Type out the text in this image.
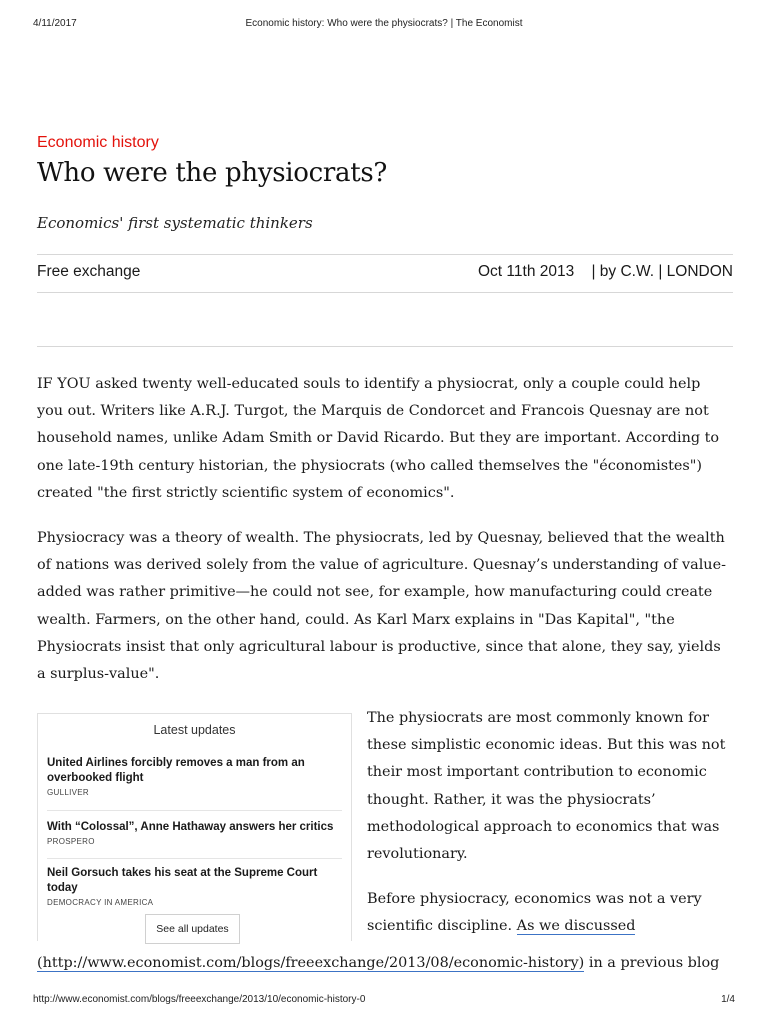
4/11/2017	Economic history: Who were the physiocrats? | The Economist
Economic history
Who were the physiocrats?
Economics' first systematic thinkers
Free exchange	Oct 11th 2013    | by C.W. | LONDON

IF YOU asked twenty well-educated souls to identify a physiocrat, only a couple could help you out. Writers like A.R.J. Turgot, the Marquis de Condorcet and Francois Quesnay are not household names, unlike Adam Smith or David Ricardo. But they are important. According to one late-19th century historian, the physiocrats (who called themselves the "économistes") created "the first strictly scientific system of economics".

Physiocracy was a theory of wealth. The physiocrats, led by Quesnay, believed that the wealth of nations was derived solely from the value of agriculture. Quesnay’s understanding of value-added was rather primitive—he could not see, for example, how manufacturing could create wealth. Farmers, on the other hand, could. As Karl Marx explains in "Das Kapital", "the Physiocrats insist that only agricultural labour is productive, since that alone, they say, yields a surplus-value".

Latest updates
United Airlines forcibly removes a man from an overbooked flight
GULLIVER
With “Colossal”, Anne Hathaway answers her critics
PROSPERO
Neil Gorsuch takes his seat at the Supreme Court today
DEMOCRACY IN AMERICA
See all updates

The physiocrats are most commonly known for these simplistic economic ideas. But this was not their most important contribution to economic thought. Rather, it was the physiocrats’ methodological approach to economics that was revolutionary.

Before physiocracy, economics was not a very scientific discipline. As we discussed

(http://www.economist.com/blogs/freeexchange/2013/08/economic-history) in a previous blog

http://www.economist.com/blogs/freeexchange/2013/10/economic-history-0	1/4
